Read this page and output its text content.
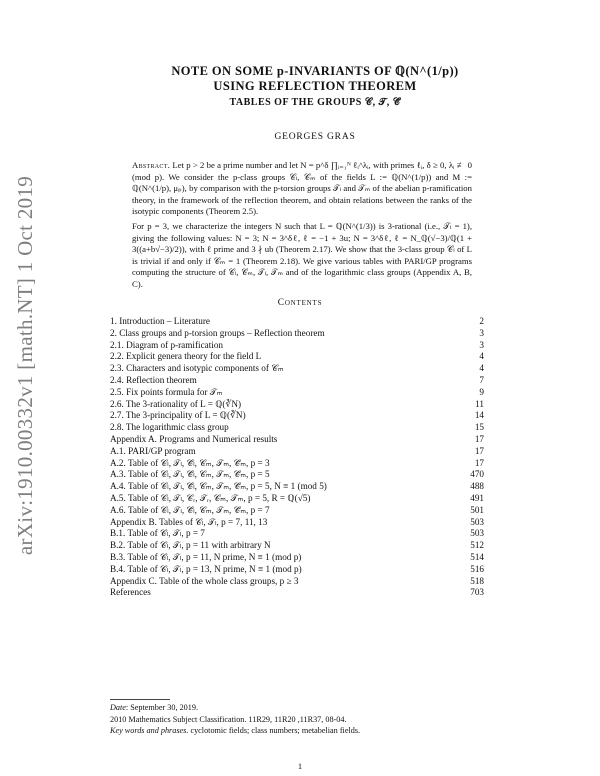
arXiv:1910.00332v1 [math.NT] 1 Oct 2019
NOTE ON SOME p-INVARIANTS OF ℚ(N^(1/p))
USING REFLECTION THEOREM
TABLES OF THE GROUPS 𝒞, 𝒯, 𝒞̃
GEORGES GRAS

Abstract. Let p > 2 be a prime number and let N = p^δ ∏ᵢ₌₁ᴺ ℓᵢ^λᵢ, with primes ℓᵢ, δ ≥ 0, λᵢ ≢ 0 (mod p). We consider the p-class groups 𝒞ₗ, 𝒞ₘ of the fields L := ℚ(N^(1/p)) and M := ℚ(N^(1/p), μₚ), by comparison with the p-torsion groups 𝒯ₗ and 𝒯ₘ of the abelian p-ramification theory, in the framework of the reflection theorem, and obtain relations between the ranks of the isotypic components (Theorem 2.5).

For p = 3, we characterize the integers N such that L = ℚ(N^(1/3)) is 3-rational (i.e., 𝒯ₗ = 1), giving the following values: N = 3; N = 3^δℓ, ℓ = −1 + 3u; N = 3^δℓ, ℓ = N_ℚ(√−3)/ℚ(1 + 3((a+b√−3)/2)), with ℓ prime and 3 ∤ ub (Theorem 2.17). We show that the 3-class group 𝒞ₗ of L is trivial if and only if 𝒞ₘ = 1 (Theorem 2.18). We give various tables with PARI/GP programs computing the structure of 𝒞ₗ, 𝒞ₘ, 𝒯ₗ, 𝒯ₘ and of the logarithmic class groups (Appendix A, B, C).

Contents
1. Introduction – Literature	2
2. Class groups and p-torsion groups – Reflection theorem	3
2.1. Diagram of p-ramification	3
2.2. Explicit genera theory for the field L	4
2.3. Characters and isotypic components of 𝒞ₘ	4
2.4. Reflection theorem	7
2.5. Fix points formula for 𝒯ₘ	9
2.6. The 3-rationality of L = ℚ(∛N)	11
2.7. The 3-principality of L = ℚ(∛N)	14
2.8. The logarithmic class group	15
Appendix A. Programs and Numerical results	17
A.1. PARI/GP program	17
A.2. Table of 𝒞ₗ, 𝒯ₗ, 𝒞̃ₗ, 𝒞ₘ, 𝒯ₘ, 𝒞̃ₘ, p = 3	17
A.3. Table of 𝒞ₗ, 𝒯ₗ, 𝒞̃ₗ, 𝒞ₘ, 𝒯ₘ, 𝒞̃ₘ, p = 5	470
A.4. Table of 𝒞ₗ, 𝒯ₗ, 𝒞̃ₗ, 𝒞ₘ, 𝒯ₘ, 𝒞̃ₘ, p = 5, N ≡ 1 (mod 5)	488
A.5. Table of 𝒞ₗ, 𝒯ₗ, 𝒞ᵣ, 𝒯ᵣ, 𝒞ₘ, 𝒯ₘ, p = 5, R = ℚ(√5)	491
A.6. Table of 𝒞ₗ, 𝒯ₗ, 𝒞̃ₗ, 𝒞ₘ, 𝒯ₘ, 𝒞̃ₘ, p = 7	501
Appendix B. Tables of 𝒞ₗ, 𝒯ₗ, p = 7, 11, 13	503
B.1. Table of 𝒞ₗ, 𝒯ₗ, p = 7	503
B.2. Table of 𝒞ₗ, 𝒯ₗ, p = 11 with arbitrary N	512
B.3. Table of 𝒞ₗ, 𝒯ₗ, p = 11, N prime, N ≡ 1 (mod p)	514
B.4. Table of 𝒞ₗ, 𝒯ₗ, p = 13, N prime, N ≡ 1 (mod p)	516
Appendix C. Table of the whole class groups, p ≥ 3	518
References	703
Date: September 30, 2019.
2010 Mathematics Subject Classification. 11R29, 11R20 ,11R37, 08-04.
Key words and phrases. cyclotomic fields; class numbers; metabelian fields.
1
